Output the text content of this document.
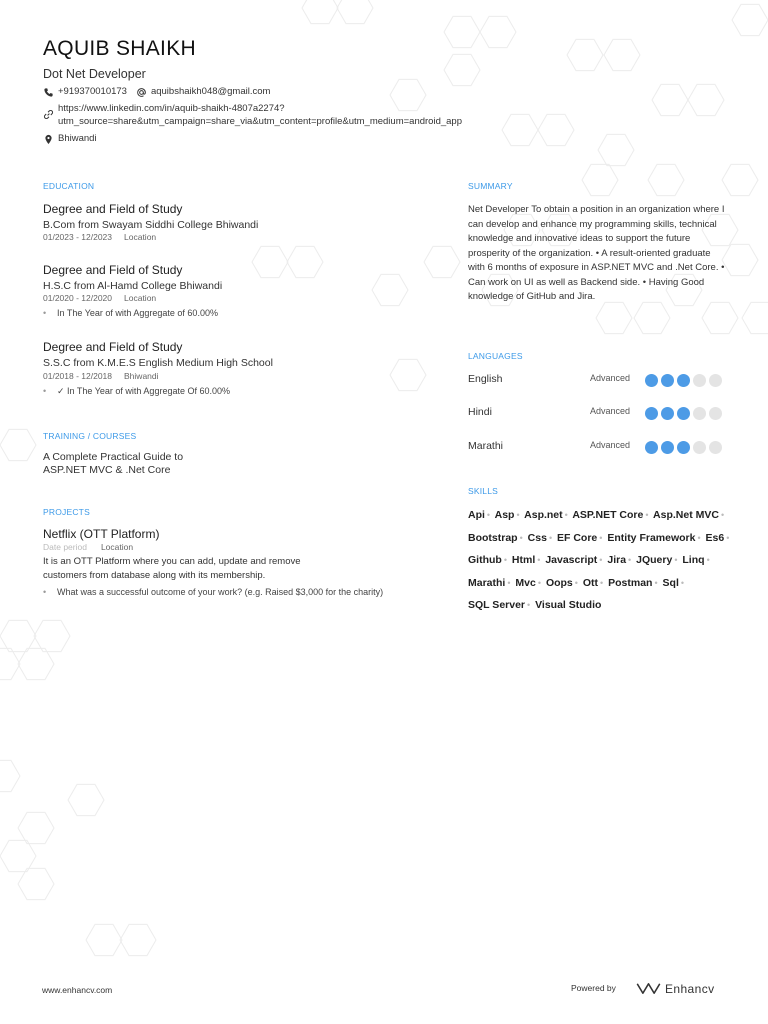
AQUIB SHAIKH
Dot Net Developer
+919370010173	aquibshaikh048@gmail.com
https://www.linkedin.com/in/aquib-shaikh-4807a2274?
utm_source=share&utm_campaign=share_via&utm_content=profile&utm_medium=android_app
Bhiwandi
EDUCATION
Degree and Field of Study
B.Com from Swayam Siddhi College Bhiwandi
01/2023 - 12/2023 Location
Degree and Field of Study
H.S.C from Al-Hamd College Bhiwandi
01/2020 - 12/2020 Location
• In The Year of with Aggregate of 60.00%
Degree and Field of Study
S.S.C from K.M.E.S English Medium High School
01/2018 - 12/2018 Bhiwandi
• ✓ In The Year of with Aggregate Of 60.00%
TRAINING / COURSES
A Complete Practical Guide to
ASP.NET MVC & .Net Core
PROJECTS
Netflix (OTT Platform)
Date period Location
It is an OTT Platform where you can add, update and remove
customers from database along with its membership.
• What was a successful outcome of your work? (e.g. Raised $3,000 for the charity)
SUMMARY
Net Developer To obtain a position in an organization where I can develop and enhance my programming skills, technical knowledge and innovative ideas to support the future prosperity of the organization. • A result-oriented graduate with 6 months of exposure in ASP.NET MVC and .Net Core. • Can work on UI as well as Backend side. • Having Good knowledge of GitHub and Jira.
LANGUAGES
English	Advanced
Hindi	Advanced
Marathi	Advanced
SKILLS
Api • Asp • Asp.net • ASP.NET Core • Asp.Net MVC •
Bootstrap • Css • EF Core • Entity Framework • Es6 •
Github • Html • Javascript • Jira • JQuery • Linq •
Marathi • Mvc • Oops • Ott • Postman • Sql •
SQL Server • Visual Studio
www.enhancv.com	Powered by	Enhancv
